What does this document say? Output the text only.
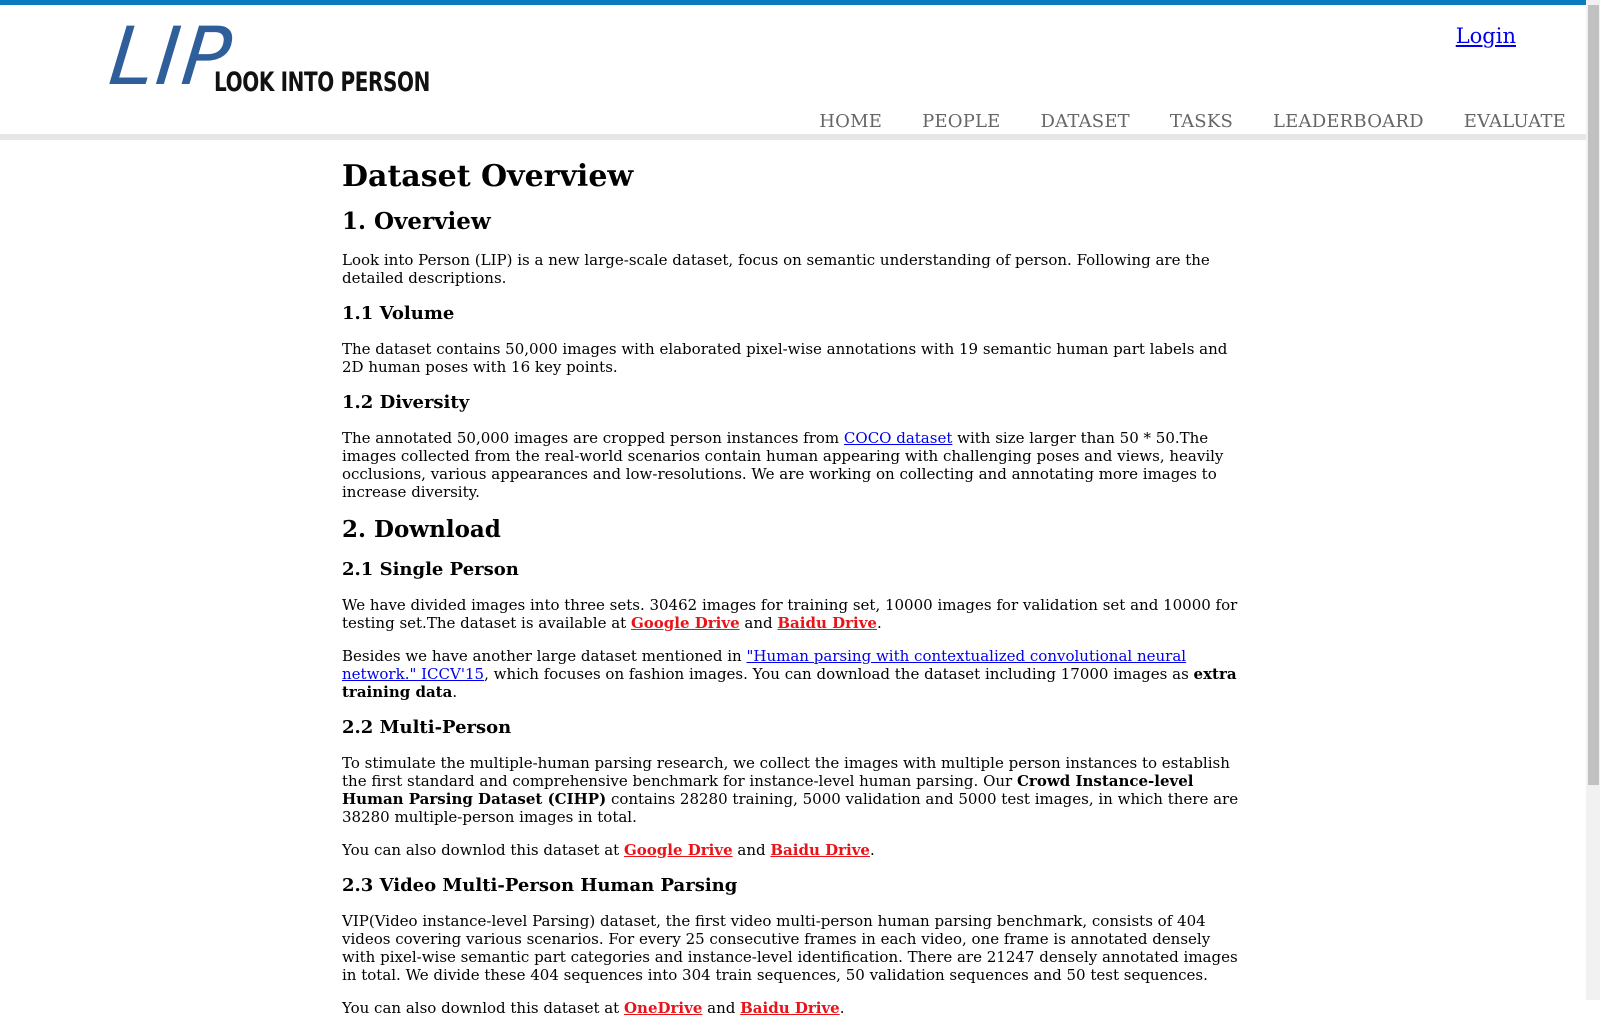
LIP
LOOK INTO PERSON
Login
HOME PEOPLE DATASET TASKS LEADERBOARD EVALUATE
Dataset Overview
1. Overview

Look into Person (LIP) is a new large-scale dataset, focus on semantic understanding of person. Following are the detailed descriptions.

1.1 Volume

The dataset contains 50,000 images with elaborated pixel-wise annotations with 19 semantic human part labels and 2D human poses with 16 key points.

1.2 Diversity

The annotated 50,000 images are cropped person instances from COCO dataset with size larger than 50 * 50.The images collected from the real-world scenarios contain human appearing with challenging poses and views, heavily occlusions, various appearances and low-resolutions. We are working on collecting and annotating more images to increase diversity.

2. Download
2.1 Single Person

We have divided images into three sets. 30462 images for training set, 10000 images for validation set and 10000 for testing set.The dataset is available at Google Drive and Baidu Drive.

Besides we have another large dataset mentioned in "Human parsing with contextualized convolutional neural network." ICCV'15, which focuses on fashion images. You can download the dataset including 17000 images as extra training data.

2.2 Multi-Person

To stimulate the multiple-human parsing research, we collect the images with multiple person instances to establish the first standard and comprehensive benchmark for instance-level human parsing. Our Crowd Instance-level Human Parsing Dataset (CIHP) contains 28280 training, 5000 validation and 5000 test images, in which there are 38280 multiple-person images in total.

You can also downlod this dataset at Google Drive and Baidu Drive.

2.3 Video Multi-Person Human Parsing

VIP(Video instance-level Parsing) dataset, the first video multi-person human parsing benchmark, consists of 404 videos covering various scenarios. For every 25 consecutive frames in each video, one frame is annotated densely with pixel-wise semantic part categories and instance-level identification. There are 21247 densely annotated images in total. We divide these 404 sequences into 304 train sequences, 50 validation sequences and 50 test sequences.

You can also downlod this dataset at OneDrive and Baidu Drive.
